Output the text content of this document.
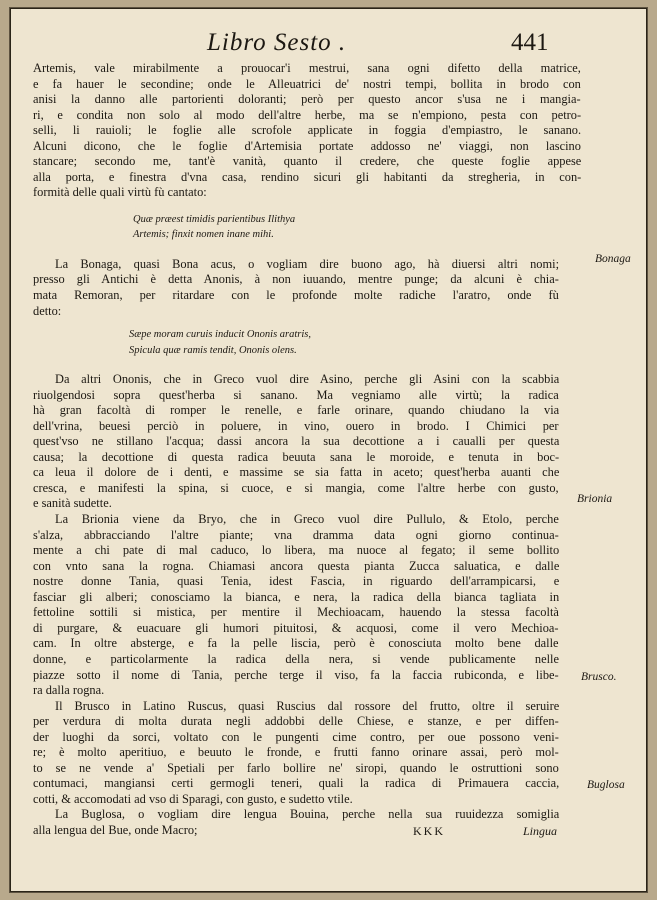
Libro Sesto .	441
Artemis, vale mirabilmente a prouocar'i mestrui, sana ogni difetto della matrice,
e fa hauer le secondine; onde le Alleuatrici de' nostri tempi, bollita in brodo con
anisi la danno alle partorienti doloranti; però per questo ancor s'usa ne i mangia-
ri, e condita non solo al modo dell'altre herbe, ma se n'empiono, pesta con petro-
selli, li rauioli; le foglie alle scrofole applicate in foggia d'empiastro, le sanano.
Alcuni dicono, che le foglie d'Artemisia portate addosso ne' viaggi, non lascino
stancare; secondo me, tant'è vanità, quanto il credere, che queste foglie appese
alla porta, e finestra d'vna casa, rendino sicuri gli habitanti da stregheria, in con-
formità delle quali virtù fù cantato:
Quæ præest timidis parientibus Ilithya
Artemis; finxit nomen inane mihi.
La Bonaga, quasi Bona acus, o vogliam dire buono ago, hà diuersi altri nomi;
presso gli Antichi è detta Anonis, à non iuuando, mentre punge; da alcuni è chia-
mata Remoran, per ritardare con le profonde molte radiche l'aratro, onde fù
detto:
Sæpe moram curuis inducit Ononis aratris,
Spicula quæ ramis tendit, Ononis olens.
Da altri Ononis, che in Greco vuol dire Asino, perche gli Asini con la scabbia
riuolgendosi sopra quest'herba si sanano. Ma vegniamo alle virtù; la radica
hà gran facoltà di romper le renelle, e farle orinare, quando chiudano la via
dell'vrina, beuesi perciò in poluere, in vino, ouero in brodo. I Chimici per
quest'vso ne stillano l'acqua; dassi ancora la sua decottione a i caualli per questa
causa; la decottione di questa radica beuuta sana le moroide, e tenuta in boc-
ca leua il dolore de i denti, e massime se sia fatta in aceto; quest'herba auanti che
cresca, e manifesti la spina, si cuoce, e si mangia, come l'altre herbe con gusto,
e sanità sudette.
La Brionia viene da Bryo, che in Greco vuol dire Pullulo, & Etolo, perche
s'alza, abbracciando l'altre piante; vna dramma data ogni giorno continua-
mente a chi pate di mal caduco, lo libera, ma nuoce al fegato; il seme bollito
con vnto sana la rogna. Chiamasi ancora questa pianta Zucca saluatica, e dalle
nostre donne Tania, quasi Tenia, idest Fascia, in riguardo dell'arrampicarsi, e
fasciar gli alberi; conosciamo la bianca, e nera, la radica della bianca tagliata in
fettoline sottili si mistica, per mentire il Mechioacam, hauendo la stessa facoltà
di purgare, & euacuare gli humori pituitosi, & acquosi, come il vero Mechioa-
cam. In oltre absterge, e fa la pelle liscia, però è conosciuta molto bene dalle
donne, e particolarmente la radica della nera, si vende publicamente nelle
piazze sotto il nome di Tania, perche terge il viso, fa la faccia rubiconda, e libe-
ra dalla rogna.
Il Brusco in Latino Ruscus, quasi Ruscius dal rossore del frutto, oltre il seruire
per verdura di molta durata negli addobbi delle Chiese, e stanze, e per diffen-
der luoghi da sorci, voltato con le pungenti cime contro, per oue possono veni-
re; è molto aperitiuo, e beuuto le fronde, e frutti fanno orinare assai, però mol-
to se ne vende a' Spetiali per farlo bollire ne' siropi, quando le ostruttioni sono
contumaci, mangiansi certi germogli teneri, quali la radica di Primauera caccia,
cotti, & accomodati ad vso di Sparagi, con gusto, e sudetto vtile.
La Buglosa, o vogliam dire lengua Bouina, perche nella sua ruuidezza somiglia
alla lengua del Bue, onde Macro;
Bonaga
Brionia
Brusco.
Buglosa
KKK	Lingua
